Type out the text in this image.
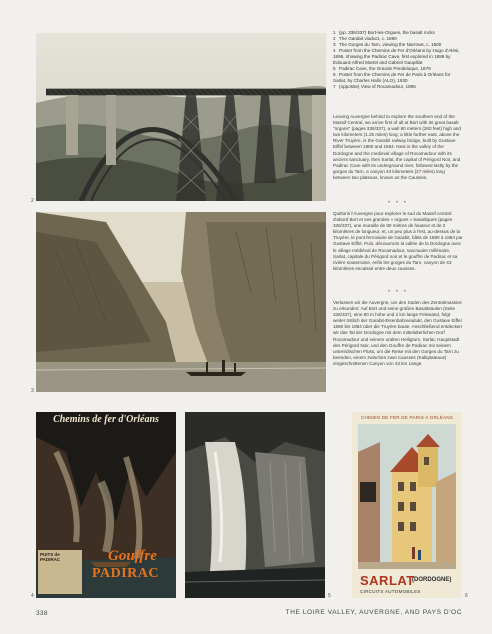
2
3
Chemins de fer d'Orléans
PUITS de PADIRAC	Gouffre
PADIRAC
4	5
CHEMIN DE FER DE PARIS A ORLÉANS
SARLAT
(DORDOGNE)
CIRCUITS AUTOMOBILES
6

1 (pp. 336/337) Bort-les-Orgues, the basalt rocks

2 The Garabit viaduct, c. 1890

3 The Gorges du Tarn, viewing the Narrows, c. 1900

4 Poster from the Chemins de Fer d'Orléans by Hugo d'Alési, 1896, showing the Padirac Cave, first explored in 1889 by Édouard-Alfred Martel and Gabriel Gaupillat

5 Padirac Cave, the Grande Pendeloque, 1879

6 Poster from the Chemins de Fer de Paris à Orléans for Sarlat, by Charles Hallo (ALO), 1930

7 (opposite) View of Rocamadour, 1895

Leaving Auvergne behind to explore the southern end of the Massif Central, we arrive first of all at Bort with its great basalt "organs" (pages 336/337), a wall 80 meters (260 feet) high and two kilometers (1.25 miles) long; a little further east, above the River Truyère, is the Garabit railway bridge, built by Gustave Eiffel between 1880 and 1884. Next is the valley of the Dordogne and the medieval village of Rocamadour with its ancient sanctuary, then Sarlat, the capital of Périgord Noir, and Padirac Cave with its underground river, followed lastly by the gorges du Tarn, a canyon 43 kilometers (27 miles) long between two plateaus, known as the Causses.
• • •
Quittons l'Auvergne pour explorer le sud du Massif central: d'abord Bort et ses grandes « orgues » basaltiques (pages 336/337), une muraille de 80 mètres de hauteur et de 2 kilomètres de longueur, et, un peu plus à l'est, au-dessus de la Truyère, le pont ferroviaire de Garabit, bâtis de 1880 à 1884 par Gustave Eiffel. Puis, découvrons la vallée de la Dordogne avec le village médiéval de Rocamadour, sanctuaire millénaire, Sarlat, capitale du Périgord noir et le gouffre de Padirac et sa rivière souterraine, enfin les gorges du Tarn, canyon de 43 kilomètres encaissé entre deux causses.
• • •
Verlassen wir die Auvergne, um den Süden des Zentralmassivs zu erkunden: Auf Bort und seine großen Basaltsäulen (Seite 336/337), eine 80 m hohe und 2 km lange Felswand, folgt weiter östlich der Garabit-Eisenbahnviadukt, den Gustave Eiffel 1880 bis 1884 über die Truyère baute. Anschließend entdecken wir das Tal der Dordogne mit dem mittelalterlichen Dorf Rocamadour und seinem uralten Heiligtum, Sarlat, Hauptstadt des Périgord Noir, und den Gouffre de Padirac mit seinem unterirdischen Fluss, um die Reise mit den Gorges du Tarn zu beenden, einem zwischen zwei Causses (Kalkplateaus) eingeschnittenen Canyon von 43 km Länge.
338	THE LOIRE VALLEY, AUVERGNE, AND PAYS D'OC
